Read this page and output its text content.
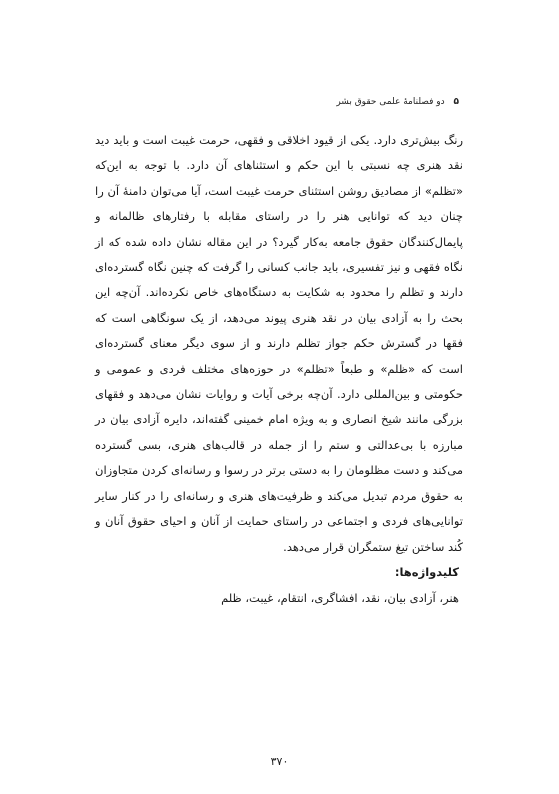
۵ دو فصلنامهٔ علمی حقوق بشر

رنگ بیش‌تری دارد. یکی از قیود اخلاقی و فقهی، حرمت غیبت است و باید دید نقد هنری چه نسبتی با این حکم و استثناهای آن دارد. با توجه به این‌که «تظلم» از مصادیق روشن استثنای حرمت غیبت است، آیا می‌توان دامنهٔ آن را چنان دید که توانایی هنر را در راستای مقابله با رفتارهای ظالمانه و پایمال‌کنندگان حقوق جامعه به‌کار گیرد؟ در این مقاله نشان داده شده که از نگاه فقهی و نیز تفسیری، باید جانب کسانی را گرفت که چنین نگاه گسترده‌ای دارند و تظلم را محدود به شکایت به دستگاه‌های خاص نکرده‌اند. آن‌چه این بحث را به آزادی بیان در نقد هنری پیوند می‌دهد، از یک سونگاهی است که فقها در گسترش حکم جواز تظلم دارند و از سوی دیگر معنای گسترده‌ای است که «ظلم» و طبعاً «تظلم» در حوزه‌های مختلف فردی و عمومی و حکومتی و بین‌المللی دارد. آن‌چه برخی آیات و روایات نشان می‌دهد و فقهای بزرگی مانند شیخ انصاری و به ویژه امام خمینی گفته‌اند، دایره آزادی بیان در مبارزه با بی‌عدالتی و ستم را از جمله در قالب‌های هنری، بسی گسترده می‌کند و دست مظلومان را به دستی برتر در رسوا و رسانه‌ای کردن متجاوزان به حقوق مردم تبدیل می‌کند و ظرفیت‌های هنری و رسانه‌ای را در کنار سایر توانایی‌های فردی و اجتماعی در راستای حمایت از آنان و احیای حقوق آنان و کُند ساختن تیغ ستمگران قرار می‌دهد.

کلیدواژه‌ها:

هنر، آزادی بیان، نقد، افشاگری، انتقام، غیبت، ظلم

۳۷۰
